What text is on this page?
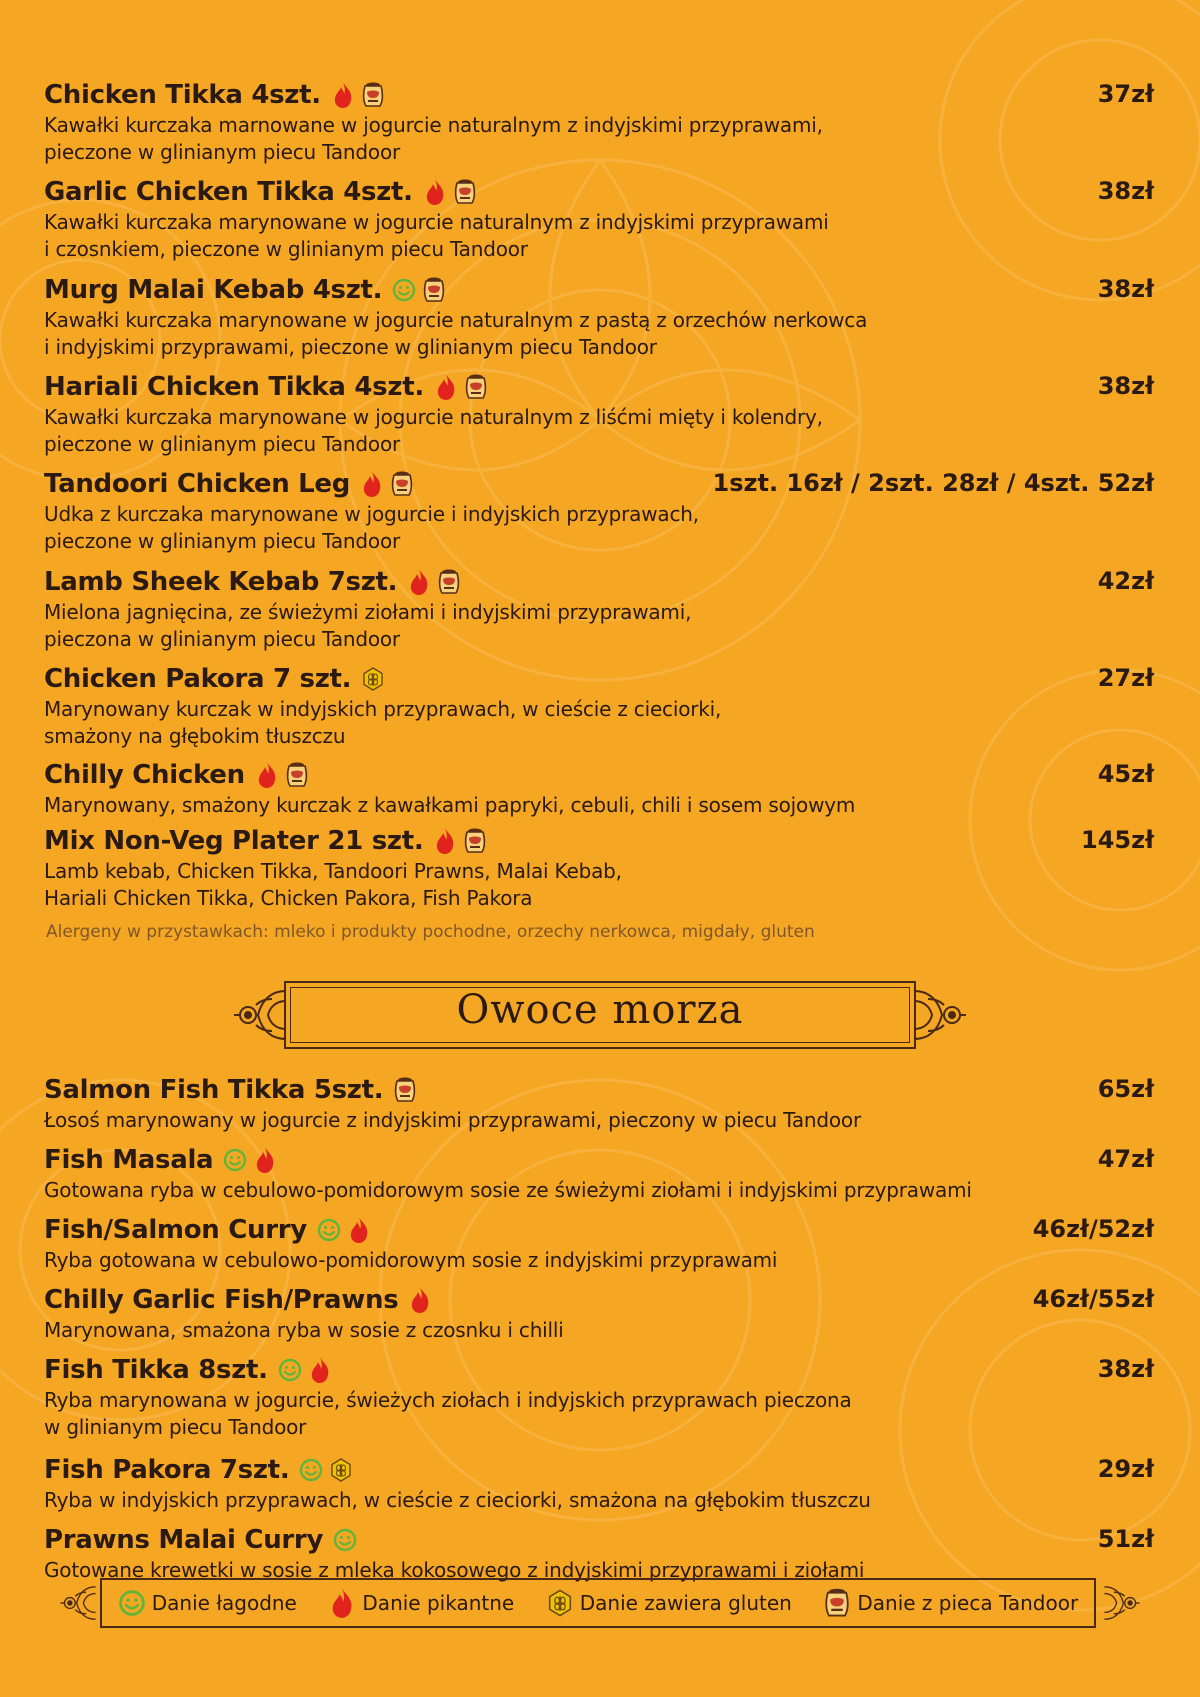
Chicken Tikka 4szt.	37zł
Kawałki kurczaka marnowane w jogurcie naturalnym z indyjskimi przyprawami,
pieczone w glinianym piecu Tandoor
Garlic Chicken Tikka 4szt.	38zł
Kawałki kurczaka marynowane w jogurcie naturalnym z indyjskimi przyprawami
i czosnkiem, pieczone w glinianym piecu Tandoor
Murg Malai Kebab 4szt.	38zł
Kawałki kurczaka marynowane w jogurcie naturalnym z pastą z orzechów nerkowca
i indyjskimi przyprawami, pieczone w glinianym piecu Tandoor
Hariali Chicken Tikka 4szt.	38zł
Kawałki kurczaka marynowane w jogurcie naturalnym z liśćmi mięty i kolendry,
pieczone w glinianym piecu Tandoor
Tandoori Chicken Leg	1szt. 16zł / 2szt. 28zł / 4szt. 52zł
Udka z kurczaka marynowane w jogurcie i indyjskich przyprawach,
pieczone w glinianym piecu Tandoor
Lamb Sheek Kebab 7szt.	42zł
Mielona jagnięcina, ze świeżymi ziołami i indyjskimi przyprawami,
pieczona w glinianym piecu Tandoor
Chicken Pakora 7 szt.	27zł
Marynowany kurczak w indyjskich przyprawach, w cieście z cieciorki,
smażony na głębokim tłuszczu
Chilly Chicken	45zł
Marynowany, smażony kurczak z kawałkami papryki, cebuli, chili i sosem sojowym
Mix Non-Veg Plater 21 szt.	145zł
Lamb kebab, Chicken Tikka, Tandoori Prawns, Malai Kebab,
Hariali Chicken Tikka, Chicken Pakora, Fish Pakora
Alergeny w przystawkach: mleko i produkty pochodne, orzechy nerkowca, migdały, gluten
Owoce morza
Salmon Fish Tikka 5szt.	65zł
Łosoś marynowany w jogurcie z indyjskimi przyprawami, pieczony w piecu Tandoor
Fish Masala	47zł
Gotowana ryba w cebulowo-pomidorowym sosie ze świeżymi ziołami i indyjskimi przyprawami
Fish/Salmon Curry	46zł/52zł
Ryba gotowana w cebulowo-pomidorowym sosie z indyjskimi przyprawami
Chilly Garlic Fish/Prawns	46zł/55zł
Marynowana, smażona ryba w sosie z czosnku i chilli
Fish Tikka 8szt.	38zł
Ryba marynowana w jogurcie, świeżych ziołach i indyjskich przyprawach pieczona
w glinianym piecu Tandoor
Fish Pakora 7szt.	29zł
Ryba w indyjskich przyprawach, w cieście z cieciorki, smażona na głębokim tłuszczu
Prawns Malai Curry	51zł
Gotowane krewetki w sosie z mleka kokosowego z indyjskimi przyprawami i ziołami
Danie łagodne	Danie pikantne	Danie zawiera gluten	Danie z pieca Tandoor
